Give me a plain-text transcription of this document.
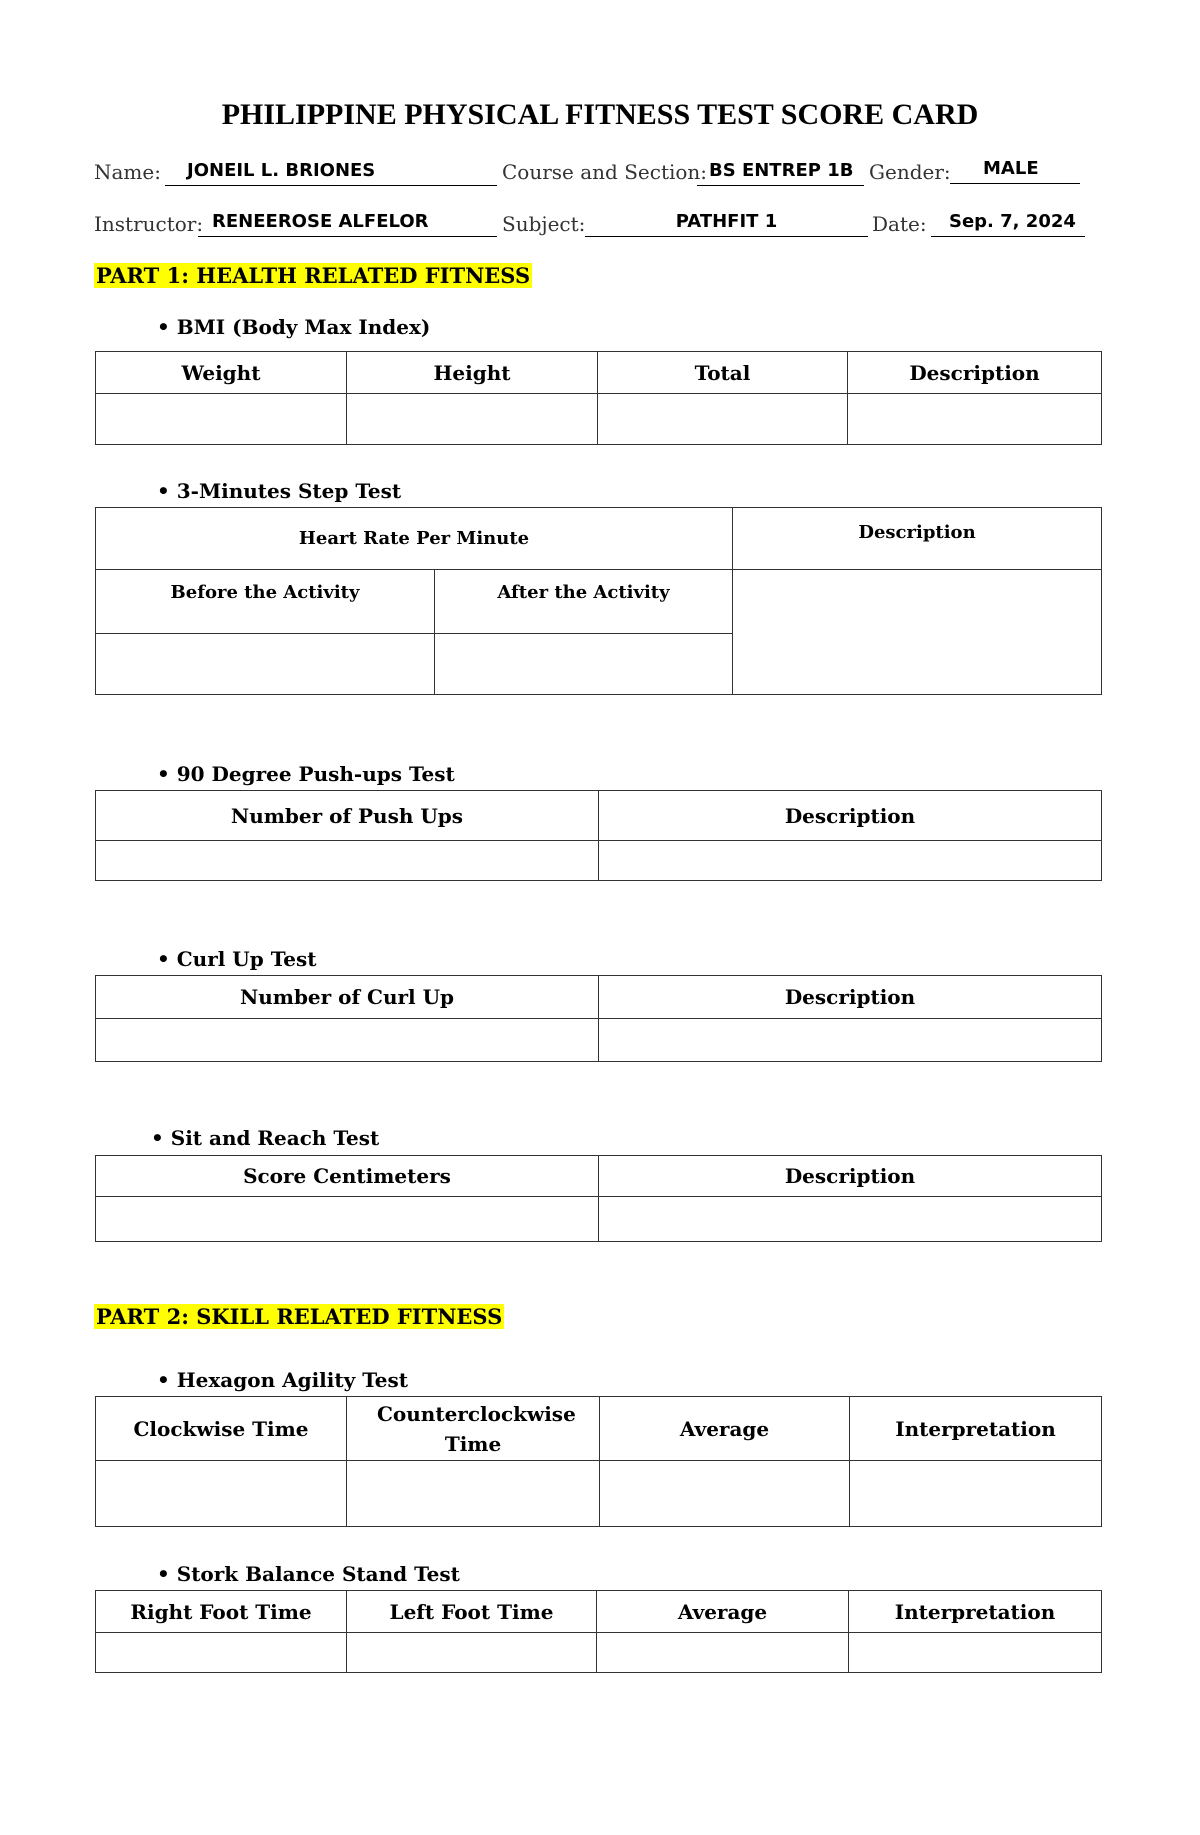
PHILIPPINE PHYSICAL FITNESS TEST SCORE CARD
Name:	JONEIL L. BRIONES	Course and Section: BS ENTREP 1B Gender:	MALE
Instructor: RENEEROSE ALFELOR	Subject:	PATHFIT 1	Date:	Sep. 7, 2024
PART 1: HEALTH RELATED FITNESS
• BMI (Body Max Index)
Weight	Height	Total	Description

• 3-Minutes Step Test
Heart Rate Per Minute		Description
Before the Activity	After the Activity	

• 90 Degree Push-ups Test
Number of Push Ups	Description

• Curl Up Test
Number of Curl Up	Description

• Sit and Reach Test
Score Centimeters	Description

PART 2: SKILL RELATED FITNESS
• Hexagon Agility Test
Clockwise Time	Counterclockwise Time	Average	Interpretation

• Stork Balance Stand Test
Right Foot Time	Left Foot Time	Average	Interpretation
